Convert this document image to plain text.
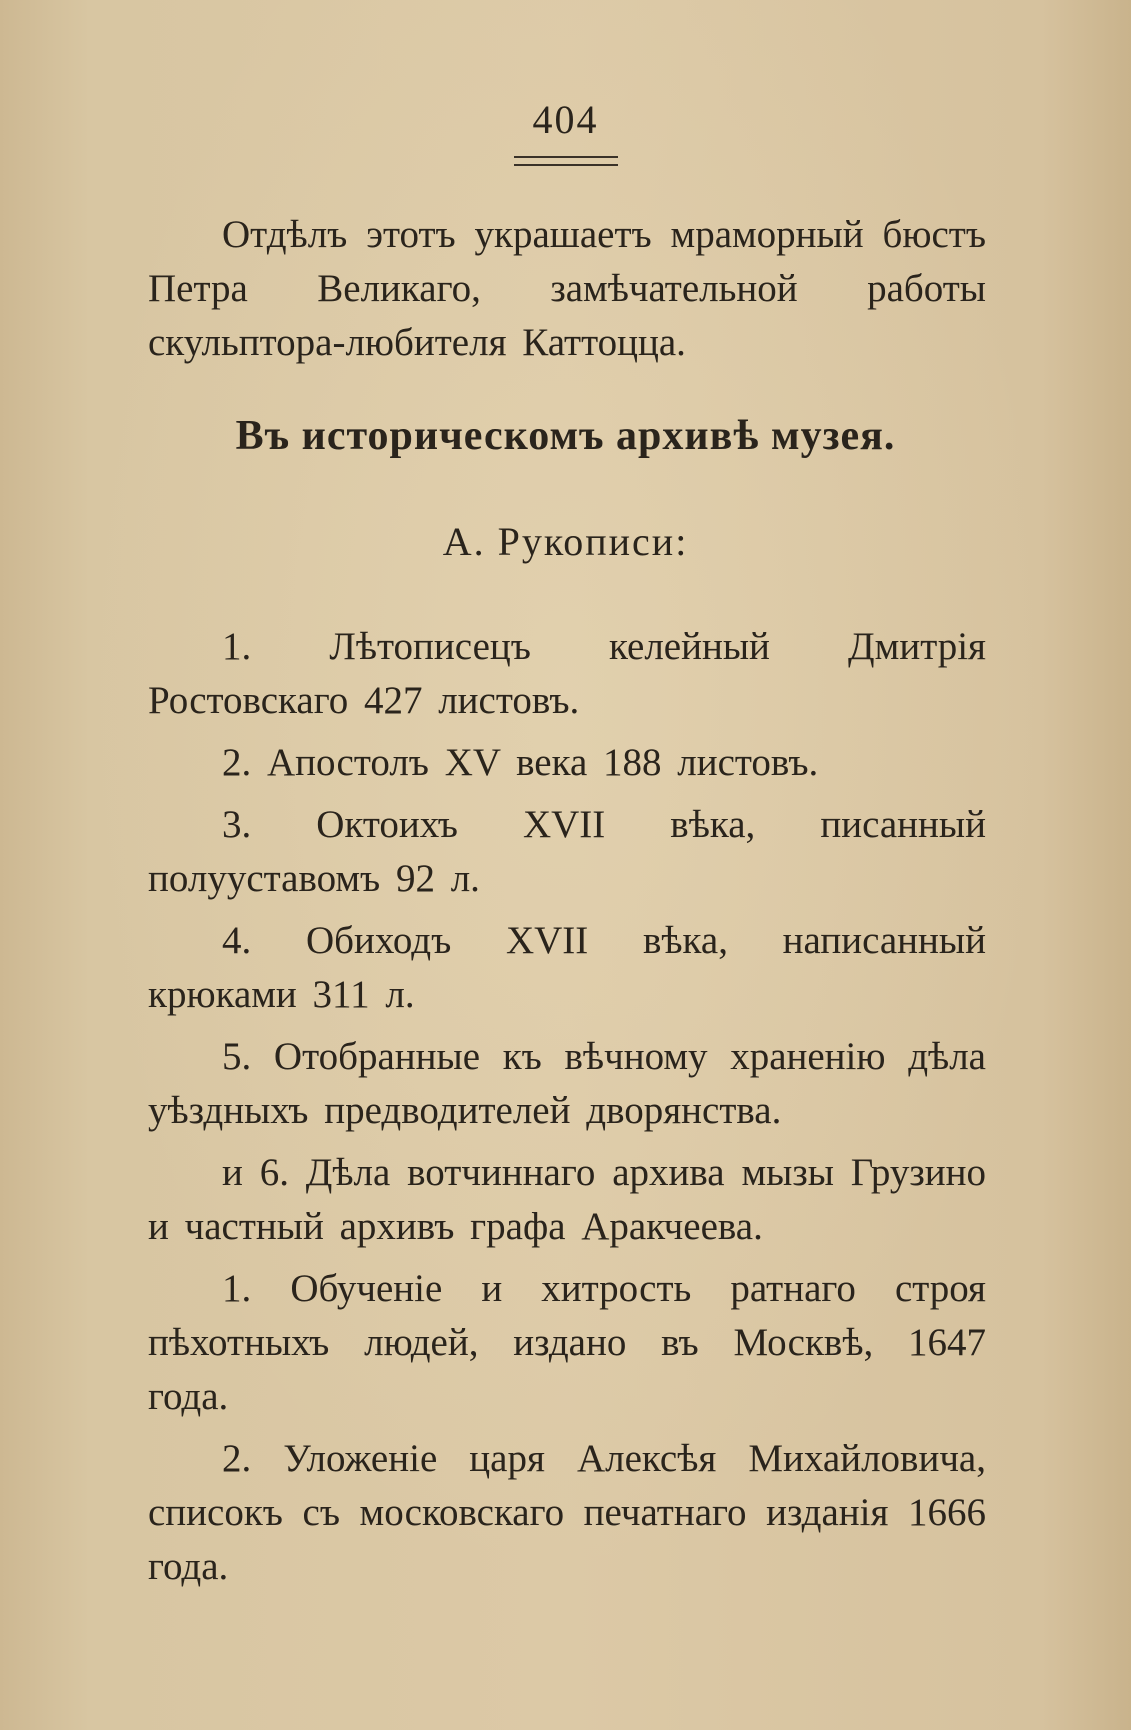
404

Отдѣлъ этотъ украшаетъ мраморный бюстъ Петра Великаго, замѣчательной работы скульптора-любителя Каттоццa.

Въ историческомъ архивѣ музея.
А. Рукописи:

1. Лѣтописецъ келейный Дмитрія Ростовскаго 427 листовъ.

2. Апостолъ XV века 188 листовъ.

3. Октоихъ XVII вѣка, писанный полууставомъ 92 л.

4. Обиходъ XVII вѣка, написанный крюками 311 л.

5. Отобранные къ вѣчному храненію дѣла уѣздныхъ предводителей дворянства.

и 6. Дѣла вотчиннаго архива мызы Грузино и частный архивъ графа Аракчеева.

1. Обученіе и хитрость ратнаго строя пѣхотныхъ людей, издано въ Москвѣ, 1647 года.

2. Уложеніе царя Алексѣя Михайловича, списокъ съ московскаго печатнаго изданія 1666 года.
